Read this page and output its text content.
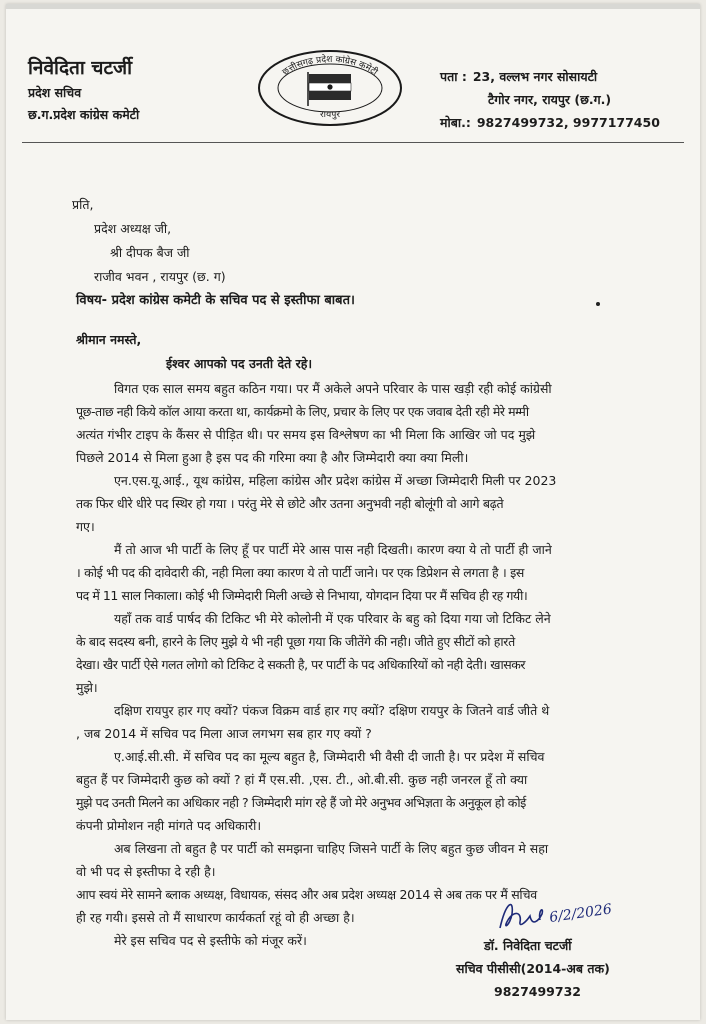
निवेदिता चटर्जी
प्रदेश सचिव
छ.ग.प्रदेश कांग्रेस कमेटी
छत्तीसगढ़ प्रदेश कांग्रेस कमेटी
रायपुर
पता : 23, वल्लभ नगर सोसायटी
टैगोर नगर, रायपुर (छ.ग.)
मोबा.: 9827499732, 9977177450
प्रति,
प्रदेश अध्यक्ष जी,
श्री दीपक बैज जी
राजीव भवन , रायपुर (छ. ग)
विषय- प्रदेश कांग्रेस कमेटी के सचिव पद से इस्तीफा बाबत।
श्रीमान नमस्ते,
ईश्वर आपको पद उनती देते रहे।
विगत एक साल समय बहुत कठिन गया। पर मैं अकेले अपने परिवार के पास खड़ी रही कोई कांग्रेसी
पूछ-ताछ नही किये कॉल आया करता था, कार्यक्रमो के लिए, प्रचार के लिए पर एक जवाब देती रही मेरे मम्मी
अत्यंत गंभीर टाइप के कैंसर से पीड़ित थी। पर समय इस विश्लेषण का भी मिला कि आखिर जो पद मुझे
पिछले 2014 से मिला हुआ है इस पद की गरिमा क्या है और जिम्मेदारी क्या क्या मिली।
एन.एस.यू.आई., यूथ कांग्रेस, महिला कांग्रेस और प्रदेश कांग्रेस में अच्छा जिम्मेदारी मिली पर 2023
तक फिर धीरे धीरे पद स्थिर हो गया । परंतु मेरे से छोटे और उतना अनुभवी नही बोलूंगी वो आगे बढ़ते
गए।
मैं तो आज भी पार्टी के लिए हूँ पर पार्टी मेरे आस पास नही दिखती। कारण क्या ये तो पार्टी ही जाने
। कोई भी पद की दावेदारी की, नही मिला क्या कारण ये तो पार्टी जाने। पर एक डिप्रेशन से लगता है । इस
पद में 11 साल निकाला। कोई भी जिम्मेदारी मिली अच्छे से निभाया, योगदान दिया पर मैं सचिव ही रह गयी।
यहाँ तक वार्ड पार्षद की टिकिट भी मेरे कोलोनी में एक परिवार के बहु को दिया गया जो टिकिट लेने
के बाद सदस्य बनी, हारने के लिए मुझे ये भी नही पूछा गया कि जीतेंगे की नही। जीते हुए सीटों को हारते
देखा। खैर पार्टी ऐसे गलत लोगो को टिकिट दे सकती है, पर पार्टी के पद अधिकारियों को नही देती। खासकर
मुझे।
दक्षिण रायपुर हार गए क्यों? पंकज विक्रम वार्ड हार गए क्यों? दक्षिण रायपुर के जितने वार्ड जीते थे
, जब 2014 में सचिव पद मिला आज लगभग सब हार गए क्यों ?
ए.आई.सी.सी. में सचिव पद का मूल्य बहुत है, जिम्मेदारी भी वैसी दी जाती है। पर प्रदेश में सचिव
बहुत हैं पर जिम्मेदारी कुछ को क्यों ? हां मैं एस.सी. ,एस. टी., ओ.बी.सी. कुछ नही जनरल हूँ तो क्या
मुझे पद उनती मिलने का अधिकार नही ? जिम्मेदारी मांग रहे हैं जो मेरे अनुभव अभिज्ञता के अनुकूल हो कोई
कंपनी प्रोमोशन नही मांगते पद अधिकारी।
अब लिखना तो बहुत है पर पार्टी को समझना चाहिए जिसने पार्टी के लिए बहुत कुछ जीवन मे सहा
वो भी पद से इस्तीफा दे रही है।
आप स्वयं मेरे सामने ब्लाक अध्यक्ष, विधायक, संसद और अब प्रदेश अध्यक्ष 2014 से अब तक पर मैं सचिव
ही रह गयी। इससे तो मैं साधारण कार्यकर्ता रहूं वो ही अच्छा है।
मेरे इस सचिव पद से इस्तीफे को मंजूर करें।
6/2/2026
डॉ. निवेदिता चटर्जी
सचिव पीसीसी(2014-अब तक)
9827499732
